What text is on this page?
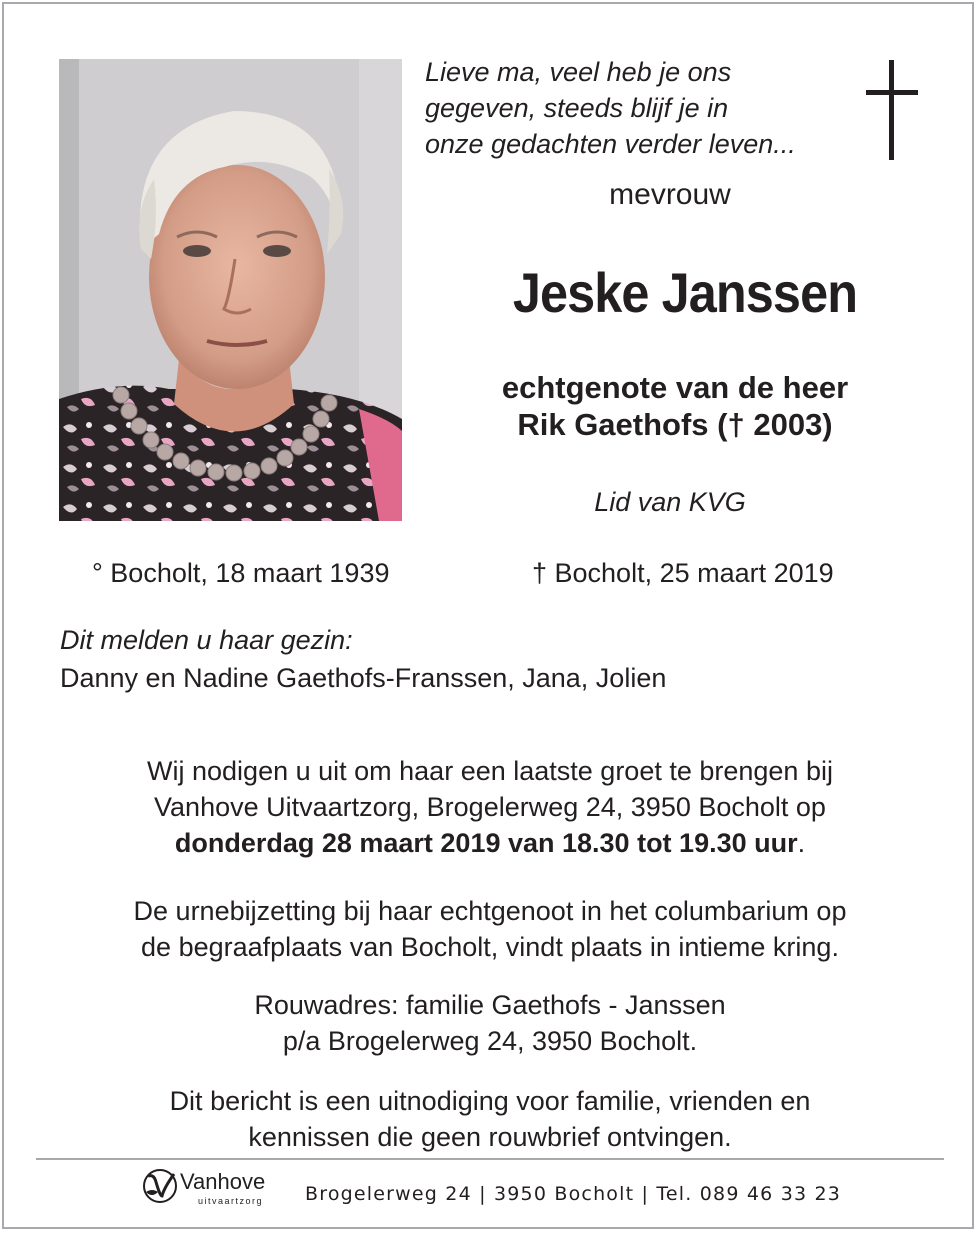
Lieve ma, veel heb je ons
gegeven, steeds blijf je in
onze gedachten verder leven...
mevrouw
Jeske Janssen
echtgenote van de heer
Rik Gaethofs († 2003)
Lid van KVG
° Bocholt, 18 maart 1939	† Bocholt, 25 maart 2019
Dit melden u haar gezin:
Danny en Nadine Gaethofs-Franssen, Jana, Jolien
Wij nodigen u uit om haar een laatste groet te brengen bij
Vanhove Uitvaartzorg, Brogelerweg 24, 3950 Bocholt op
donderdag 28 maart 2019 van 18.30 tot 19.30 uur.
De urnebijzetting bij haar echtgenoot in het columbarium op
de begraafplaats van Bocholt, vindt plaats in intieme kring.
Rouwadres: familie Gaethofs - Janssen
p/a Brogelerweg 24, 3950 Bocholt.
Dit bericht is een uitnodiging voor familie, vrienden en
kennissen die geen rouwbrief ontvingen.
Vanhove
uitvaartzorg Brogelerweg 24 | 3950 Bocholt | Tel. 089 46 33 23
